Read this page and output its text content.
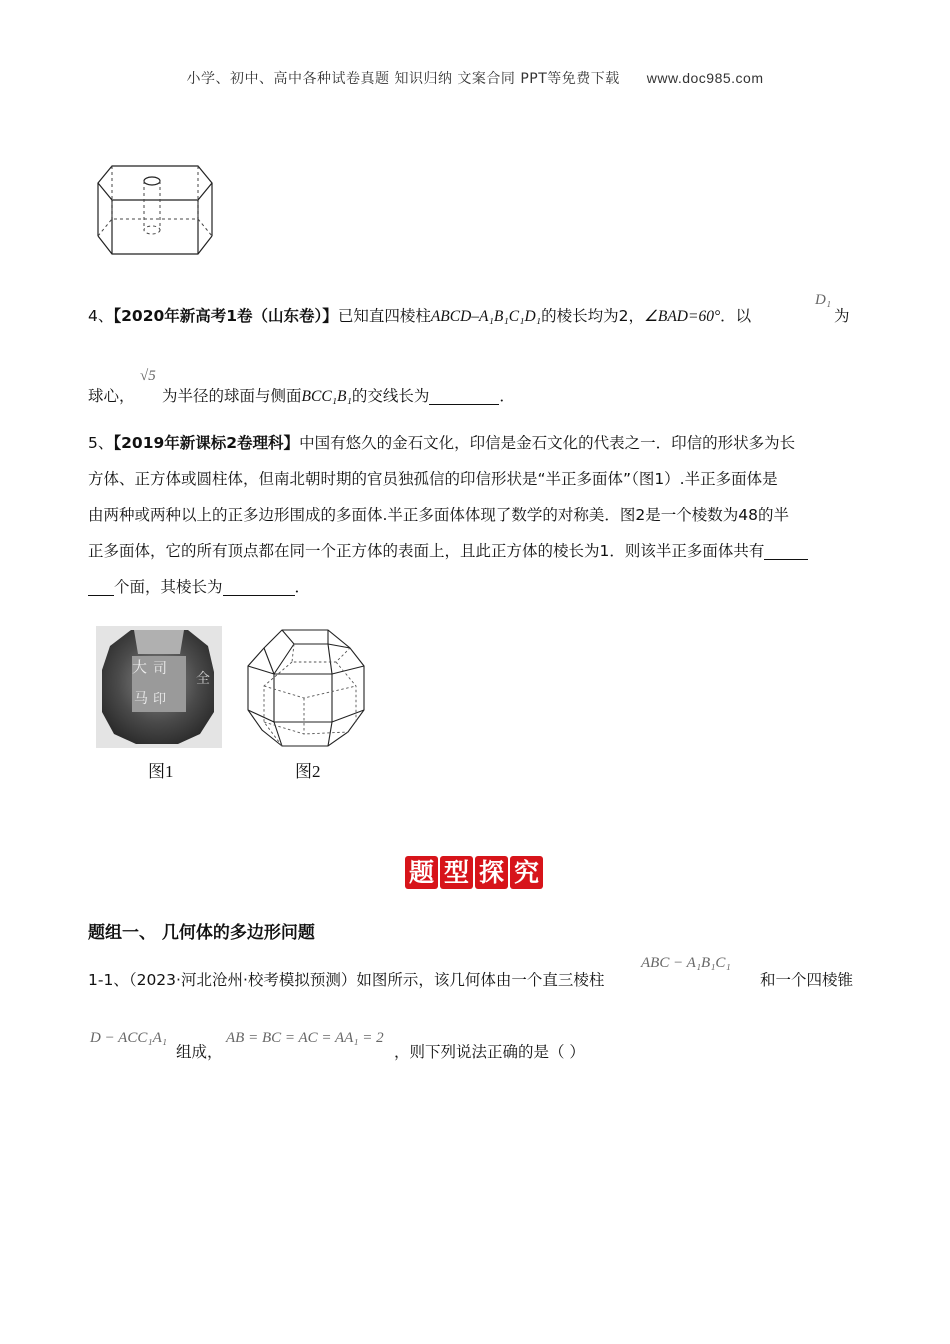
小学、初中、高中各种试卷真题 知识归纳 文案合同 PPT等免费下载 www.doc985.com
4、【2020年新高考1卷（山东卷）】已知直四棱柱ABCD–A₁B₁C₁D₁的棱长均为2，∠BAD=60°．以
D₁
为
球心，
√5
为半径的球面与侧面BCC₁B₁的交线长为	．
5、【2019年新课标2卷理科】中国有悠久的金石文化，印信是金石文化的代表之一．印信的形状多为长
方体、正方体或圆柱体，但南北朝时期的官员独孤信的印信形状是“半正多面体”（图1）.半正多面体是
由两种或两种以上的正多边形围成的多面体.半正多面体体现了数学的对称美．图2是一个棱数为48的半
正多面体，它的所有顶点都在同一个正方体的表面上，且此正方体的棱长为1．则该半正多面体共有
个面，其棱长为	．
大 司
马 印
全
图1	图2
题 型 探 究
题组一、 几何体的多边形问题
1-1、（2023·河北沧州·校考模拟预测）如图所示，该几何体由一个直三棱柱
ABC − A₁B₁C₁
和一个四棱锥
D − ACC₁A₁
组成，
AB = BC = AC = AA₁ = 2
，则下列说法正确的是（ ）
